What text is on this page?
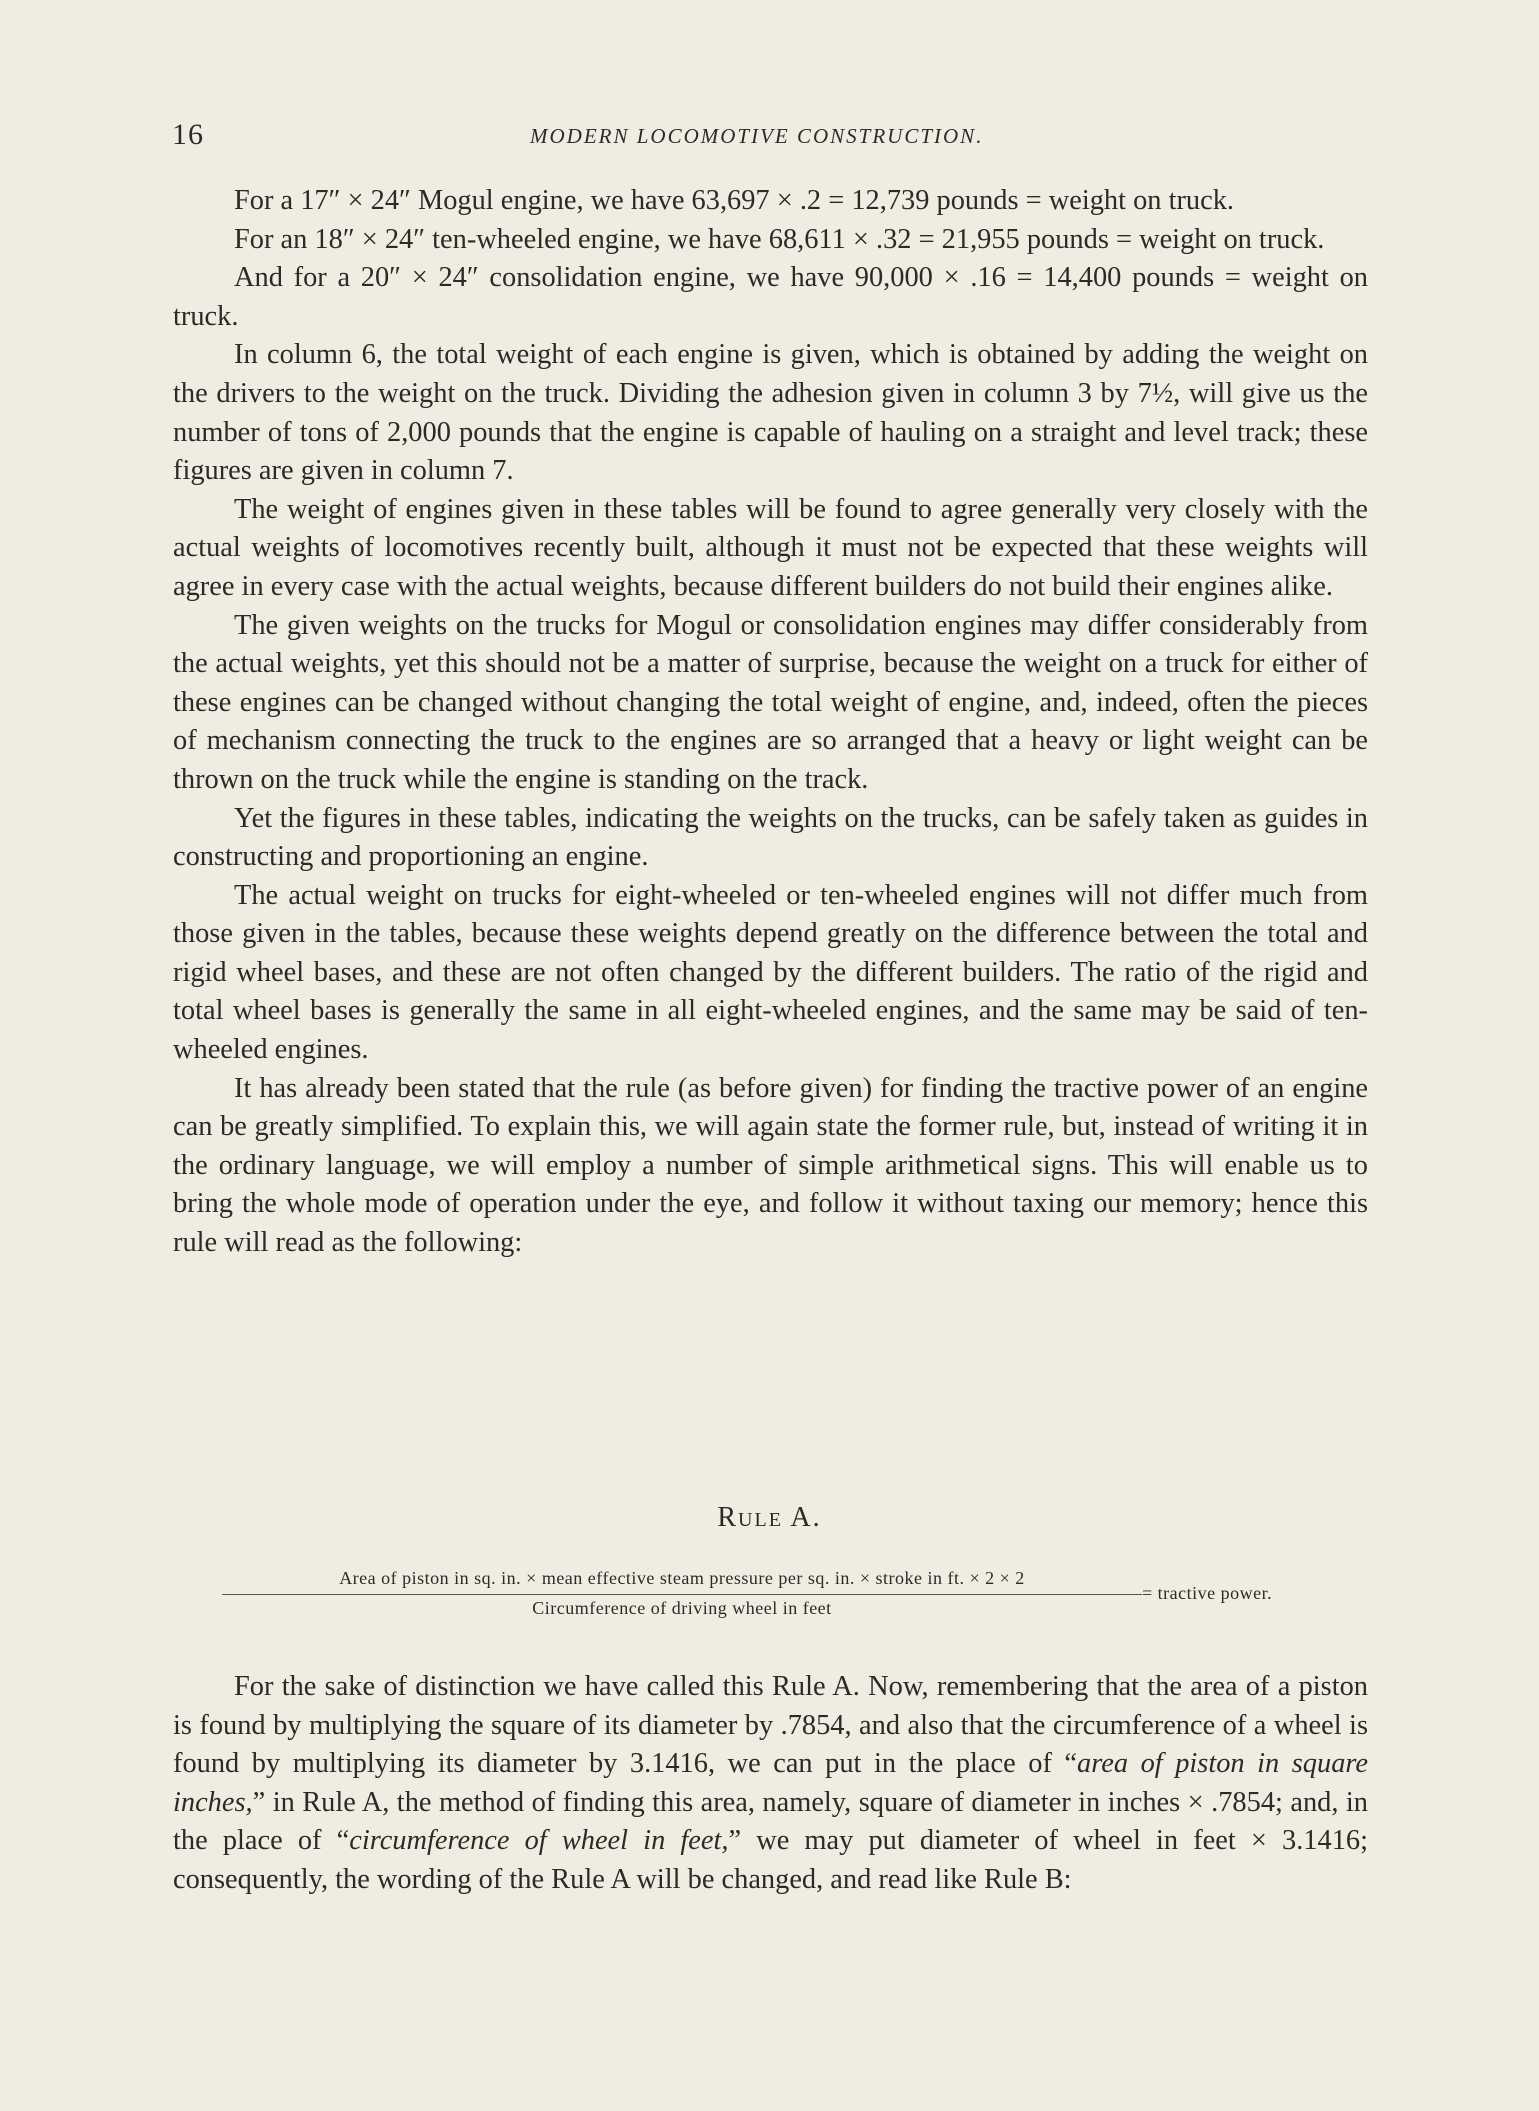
16	MODERN LOCOMOTIVE CONSTRUCTION.

For a 17″ × 24″ Mogul engine, we have 63,697 × .2 = 12,739 pounds = weight on truck.

For an 18″ × 24″ ten-wheeled engine, we have 68,611 × .32 = 21,955 pounds = weight on truck.

And for a 20″ × 24″ consolidation engine, we have 90,000 × .16 = 14,400 pounds = weight on truck.

In column 6, the total weight of each engine is given, which is obtained by adding the weight on the drivers to the weight on the truck. Dividing the adhesion given in column 3 by 7½, will give us the number of tons of 2,000 pounds that the engine is capable of hauling on a straight and level track; these figures are given in column 7.

The weight of engines given in these tables will be found to agree generally very closely with the actual weights of locomotives recently built, although it must not be expected that these weights will agree in every case with the actual weights, because different builders do not build their engines alike.

The given weights on the trucks for Mogul or consolidation engines may differ considerably from the actual weights, yet this should not be a matter of surprise, because the weight on a truck for either of these engines can be changed without changing the total weight of engine, and, indeed, often the pieces of mechanism connecting the truck to the engines are so arranged that a heavy or light weight can be thrown on the truck while the engine is standing on the track.

Yet the figures in these tables, indicating the weights on the trucks, can be safely taken as guides in constructing and proportioning an engine.

The actual weight on trucks for eight-wheeled or ten-wheeled engines will not differ much from those given in the tables, because these weights depend greatly on the difference between the total and rigid wheel bases, and these are not often changed by the different builders. The ratio of the rigid and total wheel bases is generally the same in all eight-wheeled engines, and the same may be said of ten-wheeled engines.

It has already been stated that the rule (as before given) for finding the tractive power of an engine can be greatly simplified. To explain this, we will again state the former rule, but, instead of writing it in the ordinary language, we will employ a number of simple arithmetical signs. This will enable us to bring the whole mode of operation under the eye, and follow it without taxing our memory; hence this rule will read as the following:

Rule A.
Area of piston in sq. in. × mean effective steam pressure per sq. in. × stroke in ft. × 2 × 2
Circumference of driving wheel in feet
= tractive power.

For the sake of distinction we have called this Rule A. Now, remembering that the area of a piston is found by multiplying the square of its diameter by .7854, and also that the circumference of a wheel is found by multiplying its diameter by 3.1416, we can put in the place of “area of piston in square inches,” in Rule A, the method of finding this area, namely, square of diameter in inches × .7854; and, in the place of “circumference of wheel in feet,” we may put diameter of wheel in feet × 3.1416; consequently, the wording of the Rule A will be changed, and read like Rule B:
